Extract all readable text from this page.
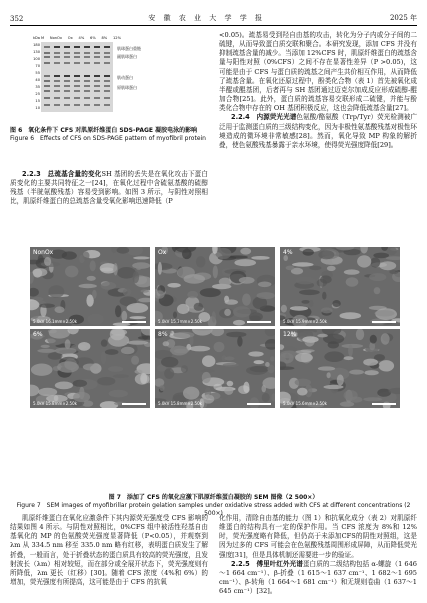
352	安 徽 农 业 大 学 学 报	2025 年
kDa
180
130
100
70
55
40
35
25
15
10
M NonOx Ox 4% 6% 8% 12%
肌球蛋白重链
副肌球蛋白
肌动蛋白
原肌球蛋白
图 6　氧化条件下 CFS 对肌原纤维蛋白 SDS-PAGE 凝胶电泳的影响
Figure 6 Effects of CFS on SDS-PAGE pattern of myofibril protein

2.2.3　总巯基含量的变化SH 基团的丢失是在氧化攻击下蛋白质变化的主要共同特征之一[24]，在氧化过程中含硫氨基酸的硫醇残基（半胱氨酸残基）容易受到影响。如图 3 所示，与阴性对照相比，肌原纤维蛋白的总巯基含量受氧化影响迅速降低（P

<0.05)。巯基易受到羟自由基的攻击，转化为分子内或分子间的二硫键，从而导致蛋白质交联和聚合。本研究发现，添加 CFS 并没有抑制巯基含量的减少。当添加 12%CFS 时，肌原纤维蛋白的巯基含量与阳性对照（0%CFS）之间不存在显著性差异（P >0.05)，这可能是由于 CFS 与蛋白质的巯基之间产生共价相互作用，从而降低了巯基含量。在氧化还原过程中，酚类化合物（表 1）首先被氧化成半醌或醌基团，后者再与 SH 基团通过迈克尔加成反应形成硫醇-醌加合物[25]。此外，蛋白质的巯基容易交联形成二硫键，并能与酚类化合物中存在的 OH 基团积极反应，这也会降低巯基含量[27]。

2.2.4　内源荧光光谱色氨酸/酪氨酸（Trp/Tyr）荧光检测被广泛用于监测蛋白质的三级结构变化，因为非极性氨基酸残基对极性环境造成的微环境非常敏感[28]。然而，氧化导致 MP 构象的解折叠，使色氨酸残基暴露于亲水环境，使得荧光强度降低[29]。

NonOx
5.0kV 16.1mm×2.50k
Ox
5.0kV 15.3mm×2.50k
4%
5.0kV 15.9mm×2.50k
6%
5.0kV 15.8mm×2.50k
8%
5.0kV 15.8mm×2.50k
12%
5.0kV 15.6mm×2.50k
图 7　添加了 CFS 的氧化应激下肌原纤维蛋白凝胶的 SEM 图像（2 500×）
Figure 7　SEM images of myofibrillar protein gelation samples under oxidative stress added with CFS at different concentrations (2 500×)

肌原纤维蛋白在氧化应激条件下其内源荧光强度受 CFS 影响的结果如图 4 所示。与阴性对照相比，0%CFS 组中被活性羟基自由基氧化的 MP 的色氨酸荧光强度显著降低（P<0.05），并观察到 λm 从 334.5 nm 移至 335.0 nm 略有红移，表明蛋白质发生了解折叠，一般而言，处于折叠状态的蛋白质具有较高的荧光强度，且发射波长（λm）相对较短，而在部分或全展开状态下，荧光强度则有所降低，λm 更长（红移）[30]。随着 CFS 浓度（4%和 6%）的增加，荧光强度有所提高，这可能是由于 CFS 的抗氧

化作用，清除自由基的能力（图 1）和抗氧化成分（表 2）对肌原纤维蛋白的结构具有一定的保护作用。当 CFS 浓度为 8%和 12%时，荧光强度略有降低，但仍高于未添加CFS的阴性对照组，这是因为过多的 CFS 可能会在色氨酸残基周围形成屏障，从而降低荧光强度[31]，但是具体机制还需要进一步的验证。

2.2.5　傅里叶红外光谱蛋白质的二级结构包括 α-螺旋（1 646～1 664 cm⁻¹）、β-折叠（1 615～1 637 cm⁻¹、1 682～1 695 cm⁻¹）、β-转角（1 664～1 681 cm⁻¹）和无规则卷曲（1 637～1 645 cm⁻¹）[32]。
